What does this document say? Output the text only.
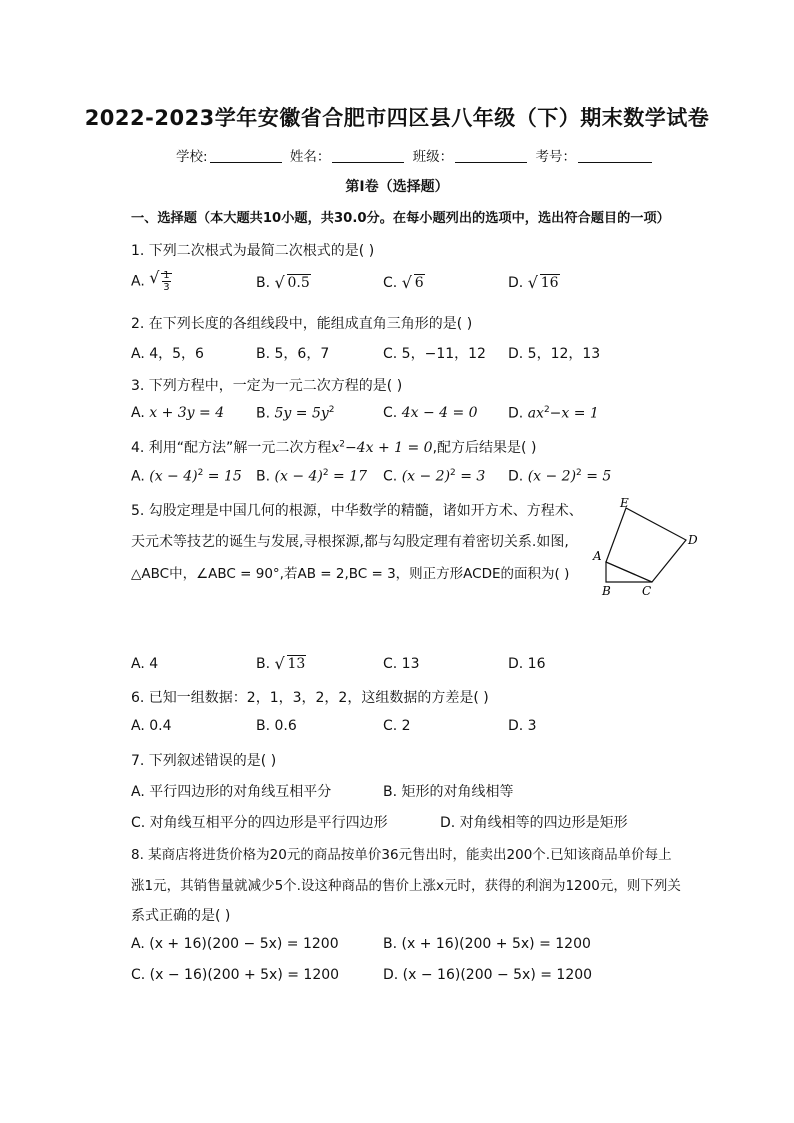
2022-2023学年安徽省合肥市四区县八年级（下）期末数学试卷
学校:	姓名：	班级：	考号：
第I卷（选择题）
一、选择题（本大题共10小题，共30.0分。在每小题列出的选项中，选出符合题目的一项）
1. 下列二次根式为最简二次根式的是( )
A. √ $\frac{1}{3}$	B. √ 0.5	C. √ 6	D. √ 16
2. 在下列长度的各组线段中，能组成直角三角形的是( )
A. 4，5，6	B. 5，6，7	C. 5，−11，12 D. 5，12，13
3. 下列方程中，一定为一元二次方程的是( )
A. x + 3y = 4 B. $5y = 5y^2$	C. 4x − 4 = 0 D. $ax^2-x = 1$
4. 利用“配方法”解一元二次方程$x^2-4x + 1 = 0$,配方后结果是( )
A. $(x - 4)^2 = 15$ B. $(x - 4)^2 = 17$ C. $(x - 2)^2 = 3$ D. $(x - 2)^2 = 5$
5. 勾股定理是中国几何的根源，中华数学的精髓，诸如开方术、方程术、
天元术等技艺的诞生与发展,寻根探源,都与勾股定理有着密切关系.如图,
△ABC中，∠ABC = 90°,若AB = 2,BC = 3，则正方形ACDE的面积为( )
E
D
A
B	C
A. 4	B. √ 13	C. 13	D. 16
6. 已知一组数据：2，1，3，2，2，这组数据的方差是( )
A. 0.4	B. 0.6	C. 2	D. 3
7. 下列叙述错误的是( )
A. 平行四边形的对角线互相平分	B. 矩形的对角线相等
C. 对角线互相平分的四边形是平行四边形	D. 对角线相等的四边形是矩形
8. 某商店将进货价格为20元的商品按单价36元售出时，能卖出200个.已知该商品单价每上
涨1元，其销售量就减少5个.设这种商品的售价上涨x元时，获得的利润为1200元，则下列关
系式正确的是( )
A. (x + 16)(200 − 5x) = 1200	B. (x + 16)(200 + 5x) = 1200
C. (x − 16)(200 + 5x) = 1200	D. (x − 16)(200 − 5x) = 1200
